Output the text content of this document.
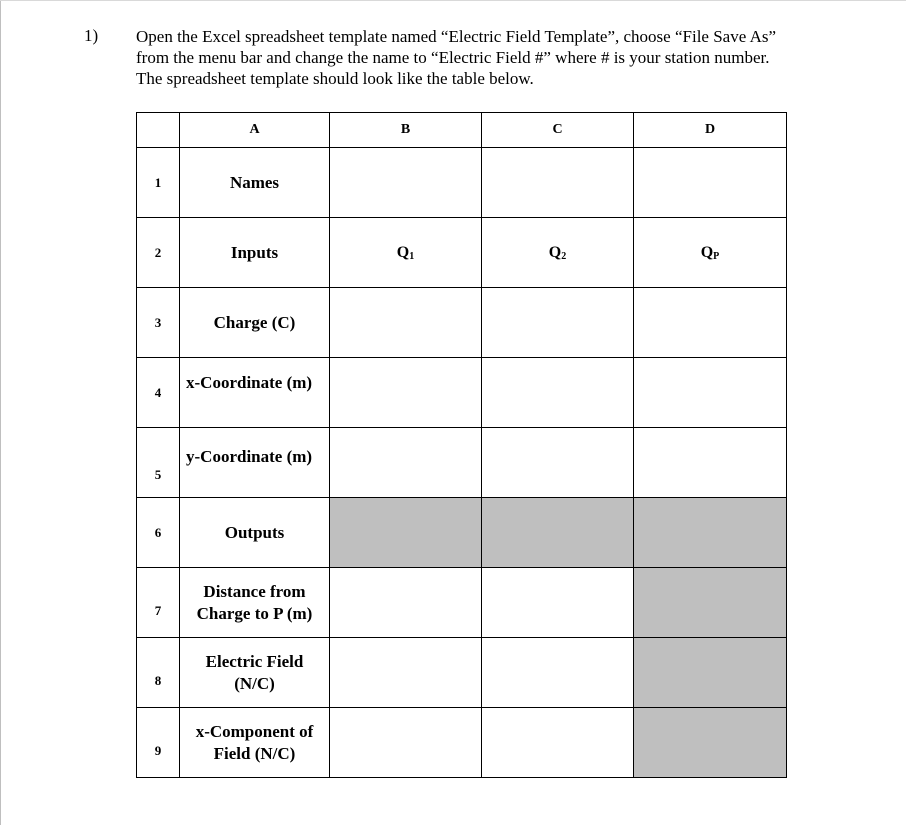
1) Open the Excel spreadsheet template named “Electric Field Template”, choose “File Save As”
from the menu bar and change the name to “Electric Field #” where # is your station number.
The spreadsheet template should look like the table below.
	A	B	C	D
1	Names			
2	Inputs	$Q_1$	$Q_2$	$Q_P$
3	Charge (C)			
4	x-Coordinate (m)			
5	y-Coordinate (m)			
6	Outputs			
7	Distance from
Charge to P (m)			

8	Electric Field
(N/C)			

9	x-Component of
Field (N/C)			
